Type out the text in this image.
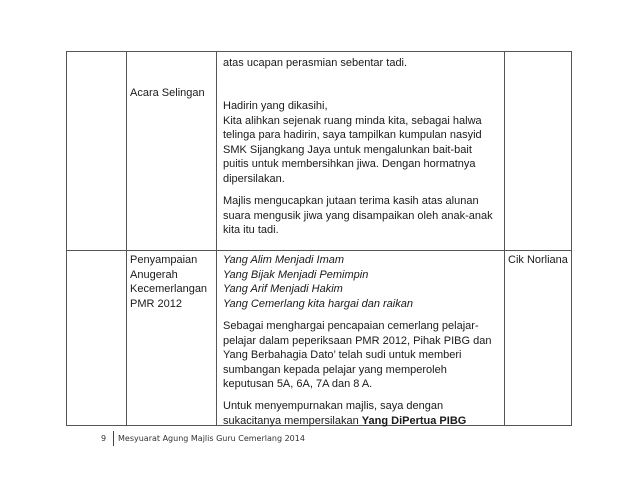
Acara Selingan
atas ucapan perasmian sebentar tadi.
Hadirin yang dikasihi,
Kita alihkan sejenak ruang minda kita, sebagai halwa
telinga para hadirin, saya tampilkan kumpulan nasyid
SMK Sijangkang Jaya untuk mengalunkan bait-bait
puitis untuk membersihkan jiwa. Dengan hormatnya
dipersilakan.
Majlis mengucapkan jutaan terima kasih atas alunan
suara mengusik jiwa yang disampaikan oleh anak-anak
kita itu tadi.
Penyampaian
Anugerah
Kecemerlangan
PMR 2012
Yang Alim Menjadi Imam
Yang Bijak Menjadi Pemimpin
Yang Arif Menjadi Hakim
Yang Cemerlang kita hargai dan raikan
Sebagai menghargai pencapaian cemerlang pelajar-
pelajar dalam peperiksaan PMR 2012, Pihak PIBG dan
Yang Berbahagia Dato’ telah sudi untuk memberi
sumbangan kepada pelajar yang memperoleh
keputusan 5A, 6A, 7A dan 8 A.
Untuk menyempurnakan majlis, saya dengan
sukacitanya mempersilakan Yang DiPertua PIBG
Cik Norliana
9 Mesyuarat Agung Majlis Guru Cemerlang 2014
